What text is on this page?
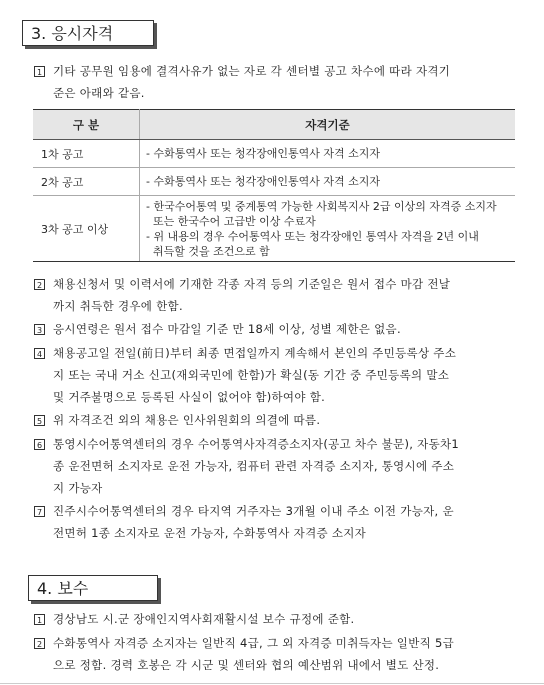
3. 응시자격
1 기타 공무원 임용에 결격사유가 없는 자로 각 센터별 공고 차수에 따라 자격기
준은 아래와 같음.
구 분	자격기준
1차 공고	- 수화통역사 또는 청각장애인통역사 자격 소지자

2차 공고	- 수화통역사 또는 청각장애인통역사 자격 소지자

3차 공고 이상	- 한국수어통역 및 중계통역 가능한 사회복지사 2급 이상의 자격증 소지자
또는 한국수어 고급반 이상 수료자
- 위 내용의 경우 수어통역사 또는 청각장애인 통역사 자격을 2년 이내
취득할 것을 조건으로 함
2 채용신청서 및 이력서에 기재한 각종 자격 등의 기준일은 원서 접수 마감 전날
까지 취득한 경우에 한함.
3 응시연령은 원서 접수 마감일 기준 만 18세 이상, 성별 제한은 없음.
4 채용공고일 전일(前日)부터 최종 면접일까지 계속해서 본인의 주민등록상 주소
지 또는 국내 거소 신고(재외국민에 한함)가 확실(동 기간 중 주민등록의 말소
및 거주불명으로 등록된 사실이 없어야 함)하여야 함.
5 위 자격조건 외의 채용은 인사위원회의 의결에 따름.
6 통영시수어통역센터의 경우 수어통역사자격증소지자(공고 차수 불문), 자동차1
종 운전면허 소지자로 운전 가능자, 컴퓨터 관련 자격증 소지자, 통영시에 주소
지 가능자
7 진주시수어통역센터의 경우 타지역 거주자는 3개월 이내 주소 이전 가능자, 운
전면허 1종 소지자로 운전 가능자, 수화통역사 자격증 소지자
4. 보수
1 경상남도 시.군 장애인지역사회재활시설 보수 규정에 준함.
2 수화통역사 자격증 소지자는 일반직 4급, 그 외 자격증 미취득자는 일반직 5급
으로 정함. 경력 호봉은 각 시군 및 센터와 협의 예산범위 내에서 별도 산정.
